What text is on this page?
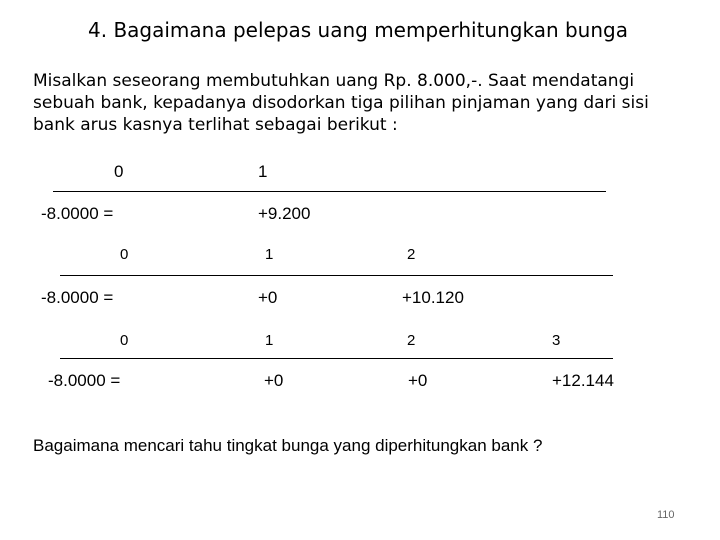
4. Bagaimana pelepas uang memperhitungkan bunga
Misalkan seseorang membutuhkan uang Rp. 8.000,-. Saat mendatangi sebuah bank, kepadanya disodorkan tiga pilihan pinjaman yang dari sisi bank arus kasnya terlihat sebagai berikut :
0	1
-8.0000 =	+9.200
0	1	2
-8.0000 =	+0	+10.120
0	1	2	3
-8.0000 =	+0	+0	+12.144
Bagaimana mencari tahu tingkat bunga yang diperhitungkan bank ?
110
